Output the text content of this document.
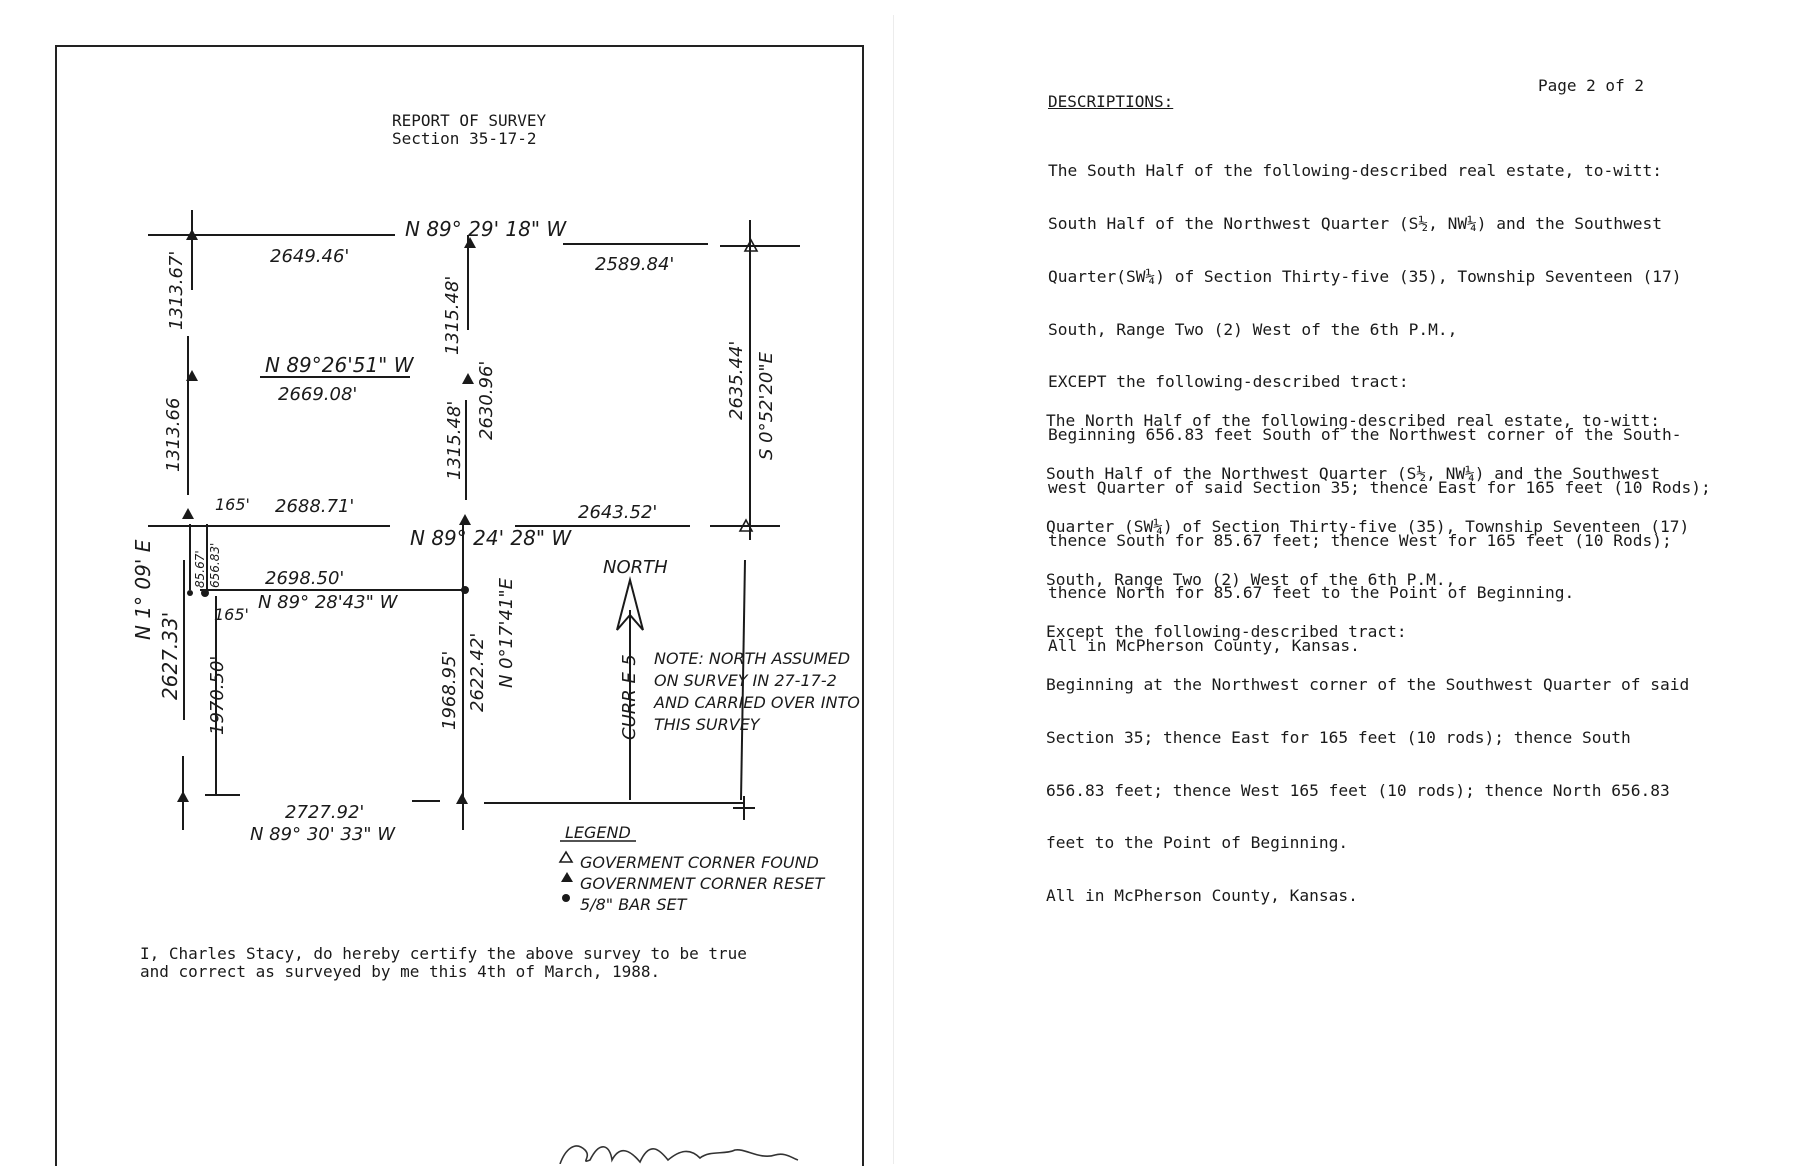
REPORT OF SURVEY
Section 35-17-2
N 89° 29' 18" W
2649.46'	2589.84'
N 89°26'51" W
2669.08'
2688.71'	2643.52'
N 89° 24' 28" W
165'
2698.50'
N 89° 28'43" W
165'
NORTH
NOTE: NORTH ASSUMED
ON SURVEY IN 27-17-2
AND CARRIED OVER INTO
THIS SURVEY
2727.92'
N 89° 30' 33" W	LEGEND
GOVERMENT CORNER FOUND
GOVERNMENT CORNER RESET
5/8" BAR SET
1313.67'
1313.66
1315.48'
2630.96'
1315.48'
2635.44' S 0°52'20"E
85.67' 656.83'
N 1° 09' E
2627.33' 1970.50'	1968.95' 2622.42' N 0°17'41"E
CURR E-5
I, Charles Stacy, do hereby certify the above survey to be true
and correct as surveyed by me this 4th of March, 1988.
Page 2 of 2
DESCRIPTIONS:

The South Half of the following-described real estate, to-witt:

South Half of the Northwest Quarter (S½, NW¼) and the Southwest

Quarter(SW¼) of Section Thirty-five (35), Township Seventeen (17)

South, Range Two (2) West of the 6th P.M.,

EXCEPT the following-described tract:

Beginning 656.83 feet South of the Northwest corner of the South-

west Quarter of said Section 35; thence East for 165 feet (10 Rods);

thence South for 85.67 feet; thence West for 165 feet (10 Rods);

thence North for 85.67 feet to the Point of Beginning.

All in McPherson County, Kansas.

The North Half of the following-described real estate, to-witt:

South Half of the Northwest Quarter (S½, NW¼) and the Southwest

Quarter (SW¼) of Section Thirty-five (35), Township Seventeen (17)

South, Range Two (2) West of the 6th P.M.,

Except the following-described tract:

Beginning at the Northwest corner of the Southwest Quarter of said

Section 35; thence East for 165 feet (10 rods); thence South

656.83 feet; thence West 165 feet (10 rods); thence North 656.83

feet to the Point of Beginning.

All in McPherson County, Kansas.
